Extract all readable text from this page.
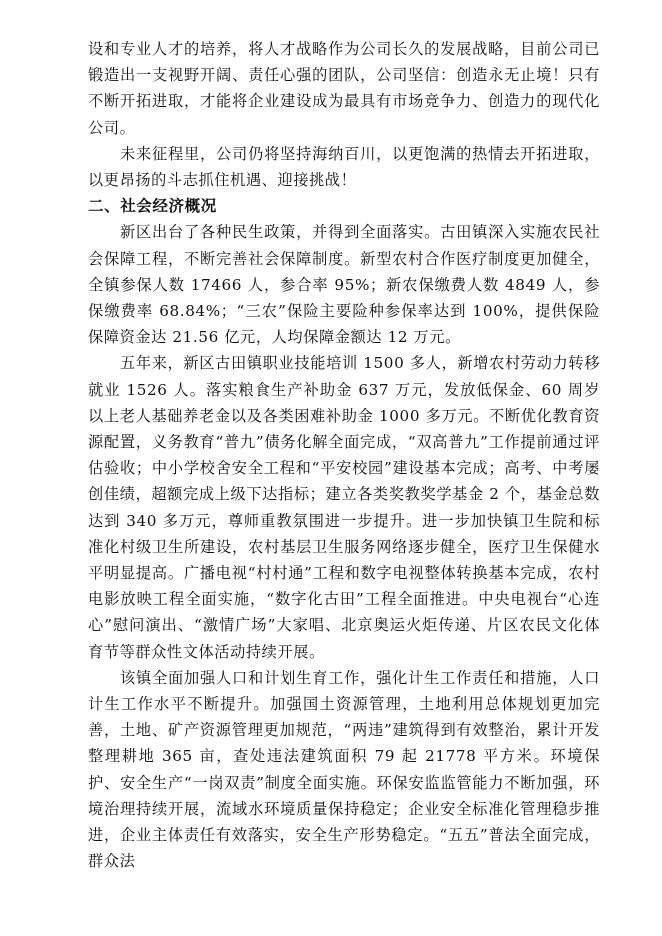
设和专业人才的培养，将人才战略作为公司长久的发展战略，目前公司已锻造出一支视野开阔、责任心强的团队，公司坚信：创造永无止境！只有不断开拓进取，才能将企业建设成为最具有市场竞争力、创造力的现代化公司。

未来征程里，公司仍将坚持海纳百川，以更饱满的热情去开拓进取，以更昂扬的斗志抓住机遇、迎接挑战！

二、社会经济概况

新区出台了各种民生政策，并得到全面落实。古田镇深入实施农民社会保障工程，不断完善社会保障制度。新型农村合作医疗制度更加健全，全镇参保人数 17466 人，参合率 95%；新农保缴费人数 4849 人，参保缴费率 68.84%；“三农”保险主要险种参保率达到 100%，提供保险保障资金达 21.56 亿元，人均保障金额达 12 万元。

五年来，新区古田镇职业技能培训 1500 多人，新增农村劳动力转移就业 1526 人。落实粮食生产补助金 637 万元，发放低保金、60 周岁以上老人基础养老金以及各类困难补助金 1000 多万元。不断优化教育资源配置，义务教育“普九”债务化解全面完成，“双高普九”工作提前通过评估验收；中小学校舍安全工程和“平安校园”建设基本完成；高考、中考屡创佳绩，超额完成上级下达指标；建立各类奖教奖学基金 2 个，基金总数达到 340 多万元，尊师重教氛围进一步提升。进一步加快镇卫生院和标准化村级卫生所建设，农村基层卫生服务网络逐步健全，医疗卫生保健水平明显提高。广播电视“村村通”工程和数字电视整体转换基本完成，农村电影放映工程全面实施，“数字化古田”工程全面推进。中央电视台“心连心”慰问演出、“激情广场”大家唱、北京奥运火炬传递、片区农民文化体育节等群众性文体活动持续开展。

该镇全面加强人口和计划生育工作，强化计生工作责任和措施，人口计生工作水平不断提升。加强国土资源管理，土地利用总体规划更加完善，土地、矿产资源管理更加规范，“两违”建筑得到有效整治，累计开发整理耕地 365 亩，查处违法建筑面积 79 起 21778 平方米。环境保护、安全生产“一岗双责”制度全面实施。环保安监监管能力不断加强，环境治理持续开展，流域水环境质量保持稳定；企业安全标准化管理稳步推进，企业主体责任有效落实，安全生产形势稳定。“五五”普法全面完成，群众法
